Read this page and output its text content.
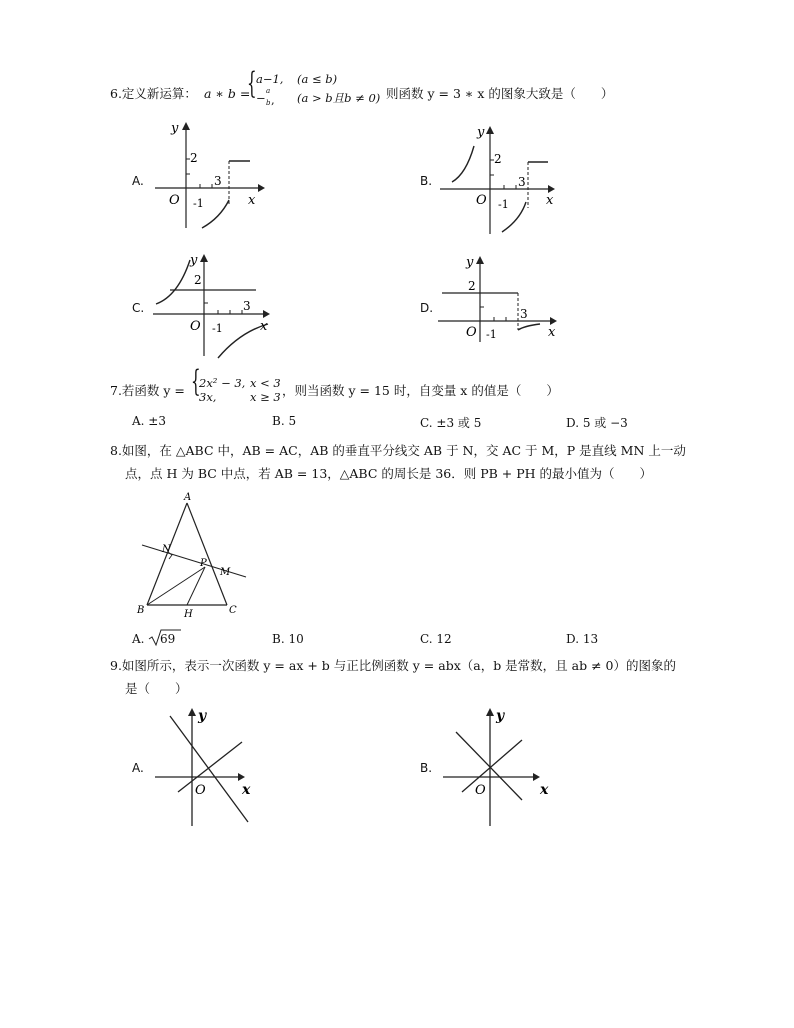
6.定义新运算： a ∗ b =
{ a−1, (a ≤ b)
− a
b , (a > b且b ≠ 0) 则函数 y = 3 ∗ x 的图象大致是（　　）
A.
y
2
3
O -1	x
B.
y
2
3
O -1	x
C.
y
2
3
O -1	x
D.
y
2
3
O -1	x
7.若函数 y = {
2x² − 3, x < 3
3x,	x ≥ 3 ，则当函数 y = 15 时，自变量 x 的值是（　　）
A. ±3	B. 5	C. ±3 或 5	D. 5 或 −3
8.如图，在 △ABC 中，AB = AC，AB 的垂直平分线交 AB 于 N，交 AC 于 M，P 是直线 MN 上一动
点，点 H 为 BC 中点，若 AB = 13，△ABC 的周长是 36．则 PB + PH 的最小值为（　　）
A
B	C
N
M
P
H
A. 69	B. 10	C. 12	D. 13
9.如图所示，表示一次函数 y = ax + b 与正比例函数 y = abx（a，b 是常数，且 ab ≠ 0）的图象的
是（　　）
A.
y
O	x
B.
y
O	x
